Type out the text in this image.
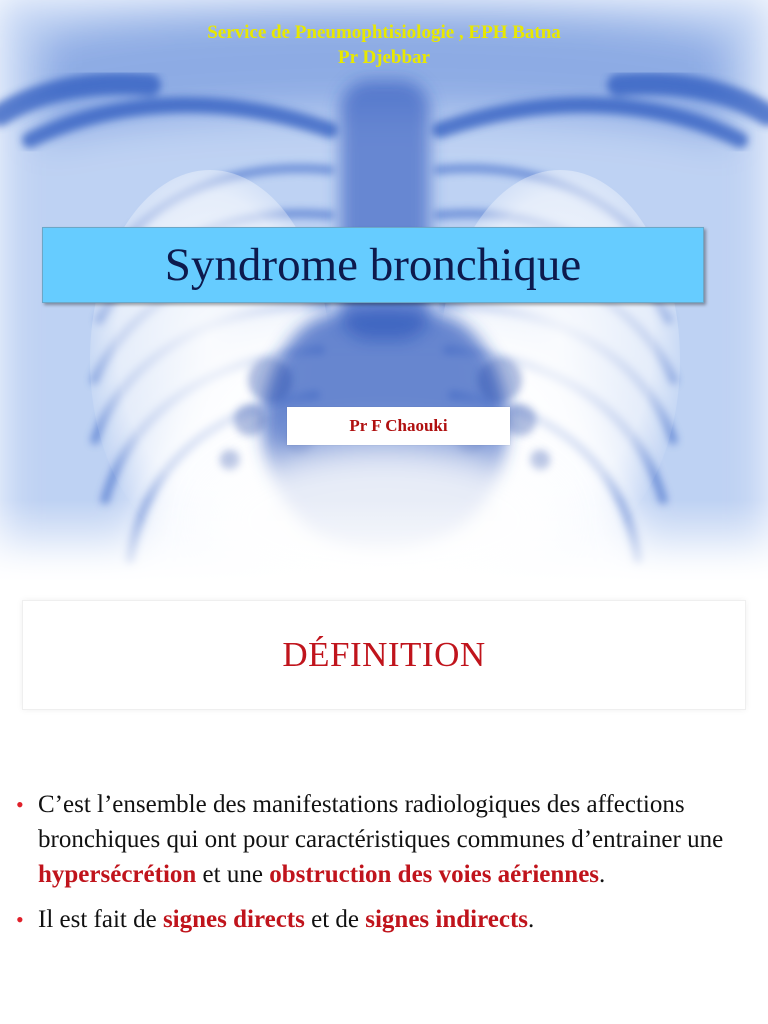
Service de Pneumophtisiologie , EPH Batna
Pr Djebbar
Syndrome bronchique
Pr F Chaouki
DÉFINITION
• C’est l’ensemble des manifestations radiologiques des affections bronchiques qui ont pour caractéristiques communes d’entrainer une hypersécrétion et une obstruction des voies aériennes.
• Il est fait de signes directs et de signes indirects.
